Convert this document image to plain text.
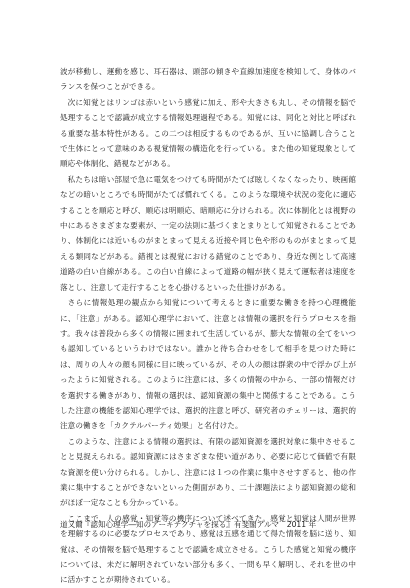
波が移動し、運動を感じ、耳石器は、頭部の傾きや直線加速度を検知して、身体のバランスを保つことができる。

次に知覚とはリンゴは赤いという感覚に加え、形や大きさも丸し、その情報を脳で処理することで認識が成立する情報処理過程である。知覚には、同化と対比と呼ばれる重要な基本特性がある。この二つは相反するものであるが、互いに協調し合うことで生体にとって意味のある視覚情報の構造化を行っている。また他の知覚現象として順応や体制化、錯視などがある。

私たちは暗い部屋で急に電気をつけても時間がたてば眩しくなくなったり、映画館などの暗いところでも時間がたてば慣れてくる。このような環境や状況の変化に適応することを順応と呼び、順応は明順応、暗順応に分けられる。次に体制化とは視野の中にあるさまざまな要素が、一定の法則に基づくまとまりとして知覚されることであり、体制化には近いものがまとまって見える近接や同じ色や形のものがまとまって見える類同などがある。錯視とは視覚における錯覚のことであり、身近な例として高速道路の白い自線がある。この白い自線によって道路の幅が狭く見えて運転者は速度を落とし、注意して走行することを心掛けるといった仕掛けがある。

さらに情報処理の観点から知覚について考えるときに重要な働きを持つ心理機能に、「注意」がある。認知心理学において、注意とは情報の選択を行うプロセスを指す。我々は普段から多くの情報に囲まれて生活しているが、膨大な情報の全てをいつも認知しているというわけではない。誰かと待ち合わせをして相手を見つけた時には、周りの人々の顔も同様に目に映っているが、その人の顔は群衆の中で浮かび上がったように知覚される。このように注意には、多くの情報の中から、一部の情報だけを選択する働きがあり、情報の選択は、認知資源の集中と関係することである。こうした注意の機能を認知心理学では、選択的注意と呼び、研究者のチェリーは、選択的注意の働きを「カクテルパーティ効果」と名付けた。

このような、注意による情報の選択は、有限の認知資源を選択対象に集中させることと見捉えられる。認知資源にはさまざまな使い道があり、必要に応じて価値で有限な資源を使い分けられる。しかし、注意には１つの作業に集中させすぎると、他の作業に集中することができないといった側面があり、二十課題法により認知資源の総和がほぼ一定なことも分かっている。

ここまで、人の感覚・知覚等の機序について述べてきた。感覚と知覚は人間が世界を理解するのに必要なプロセスであり、感覚は五感を通じて得た情報を脳に送り、知覚は、その情報を脳で処理することで認識を成立させる。こうした感覚と知覚の機序については、未だに解明されていない部分も多く、一問も早く解明し、それを世の中に活かすことが期待されている。

道又爾『認知心理学―知のアーキテクチャを探る』有斐閣アルマ　2011 年
